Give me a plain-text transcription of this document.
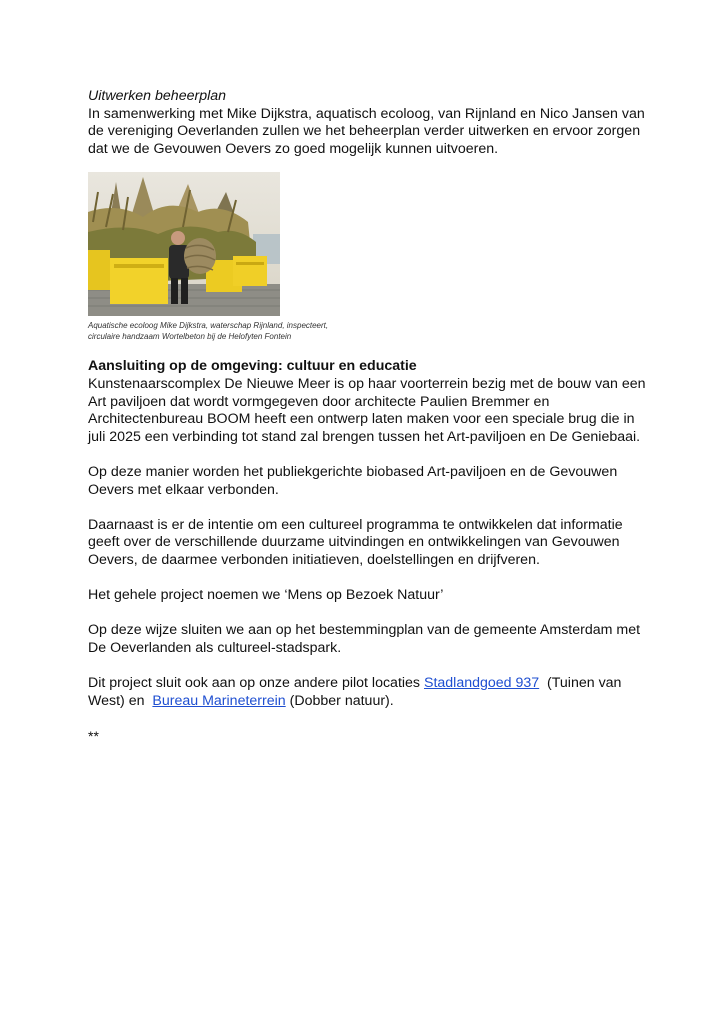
Uitwerken beheerplan

In samenwerking met Mike Dijkstra, aquatisch ecoloog, van Rijnland en Nico Jansen van

de vereniging Oeverlanden zullen we het beheerplan verder uitwerken en ervoor zorgen

dat we de Gevouwen Oevers zo goed mogelijk kunnen uitvoeren.

Aquatische ecoloog Mike Dijkstra, waterschap Rijnland, inspecteert,
circulaire handzaam Wortelbeton bij de Helofyten Fontein

Aansluiting op de omgeving: cultuur en educatie

Kunstenaarscomplex De Nieuwe Meer is op haar voorterrein bezig met de bouw van een

Art paviljoen dat wordt vormgegeven door architecte Paulien Bremmer en

Architectenbureau BOOM heeft een ontwerp laten maken voor een speciale brug die in

juli 2025 een verbinding tot stand zal brengen tussen het Art-paviljoen en De Geniebaai.

Op deze manier worden het publiekgerichte biobased Art-paviljoen en de Gevouwen

Oevers met elkaar verbonden.

Daarnaast is er de intentie om een cultureel programma te ontwikkelen dat informatie

geeft over de verschillende duurzame uitvindingen en ontwikkelingen van Gevouwen

Oevers, de daarmee verbonden initiatieven, doelstellingen en drijfveren.

Het gehele project noemen we ‘Mens op Bezoek Natuur’

Op deze wijze sluiten we aan op het bestemmingplan van de gemeente Amsterdam met

De Oeverlanden als cultureel-stadspark.

Dit project sluit ook aan op onze andere pilot locaties Stadlandgoed 937  (Tuinen van

West) en  Bureau Marineterrein (Dobber natuur).

**
